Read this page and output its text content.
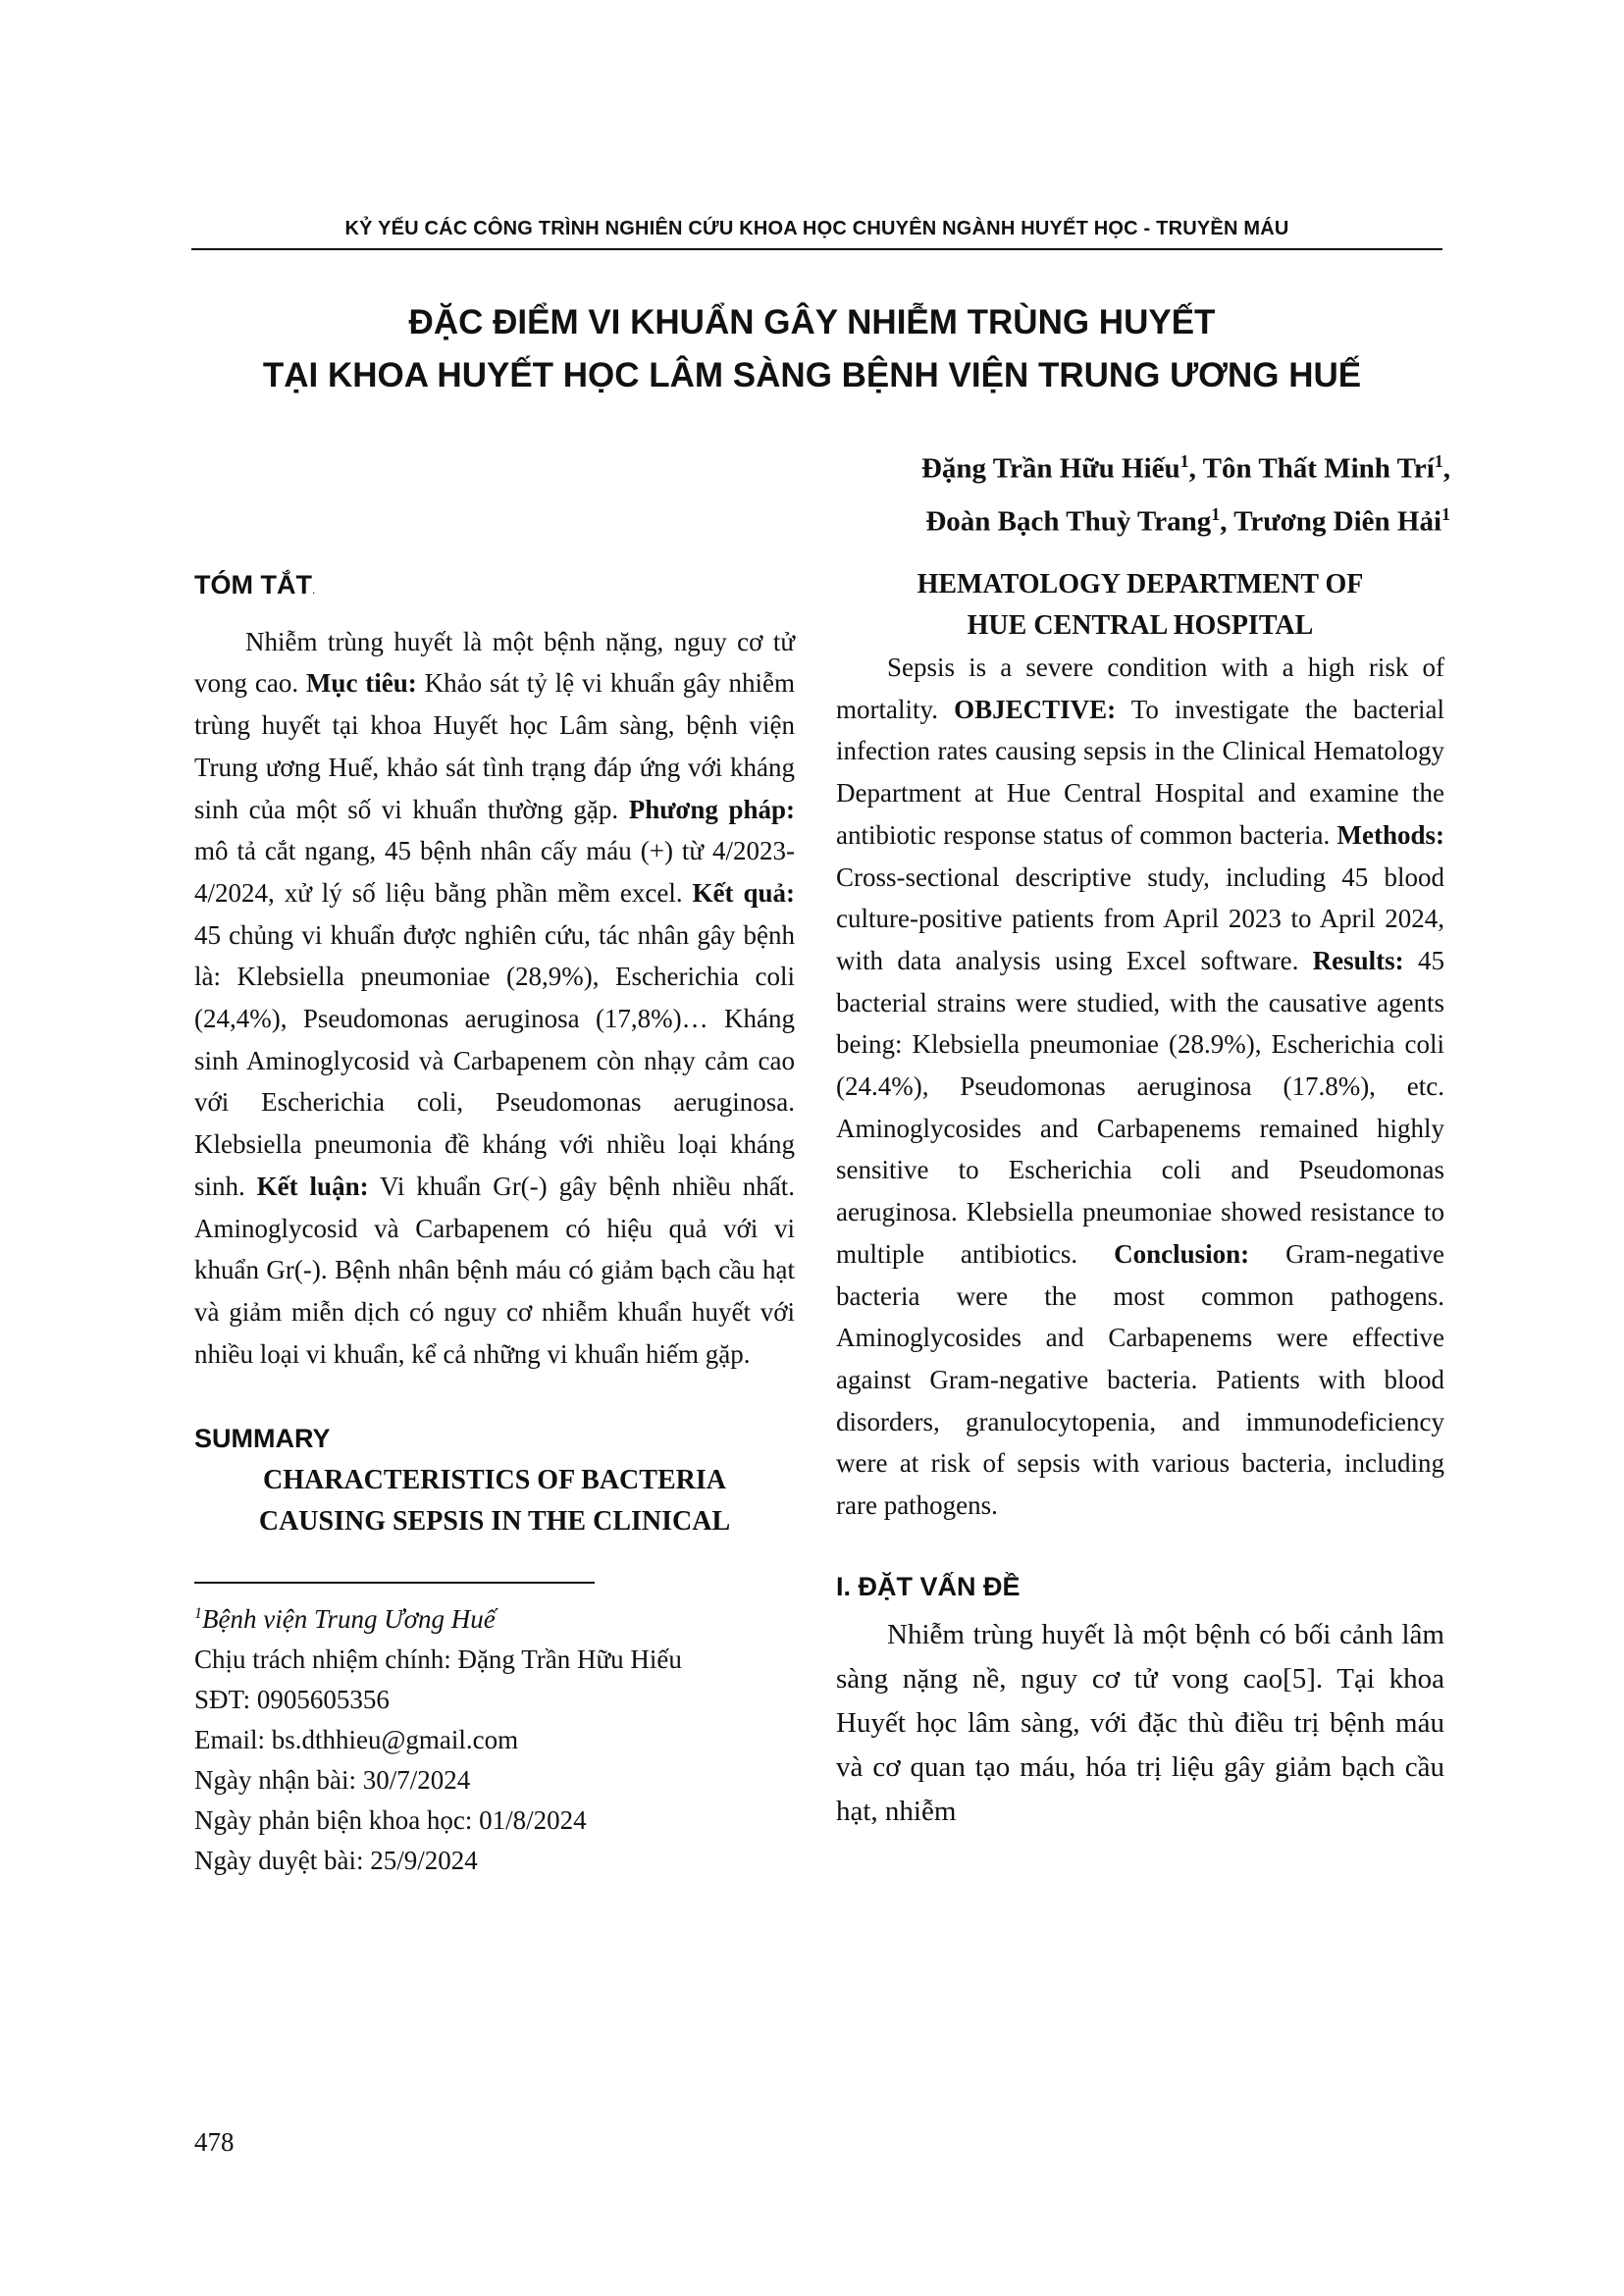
KỶ YẾU CÁC CÔNG TRÌNH NGHIÊN CỨU KHOA HỌC CHUYÊN NGÀNH HUYẾT HỌC - TRUYỀN MÁU
ĐẶC ĐIỂM VI KHUẨN GÂY NHIỄM TRÙNG HUYẾT
TẠI KHOA HUYẾT HỌC LÂM SÀNG BỆNH VIỆN TRUNG ƯƠNG HUẾ
Đặng Trần Hữu Hiếu$^1$, Tôn Thất Minh Trí$^1$,
Đoàn Bạch Thuỳ Trang$^1$, Trương Diên Hải$^1$
TÓM TẮT.

Nhiễm trùng huyết là một bệnh nặng, nguy cơ tử vong cao. Mục tiêu: Khảo sát tỷ lệ vi khuẩn gây nhiễm trùng huyết tại khoa Huyết học Lâm sàng, bệnh viện Trung ương Huế, khảo sát tình trạng đáp ứng với kháng sinh của một số vi khuẩn thường gặp. Phương pháp: mô tả cắt ngang, 45 bệnh nhân cấy máu (+) từ 4/2023-4/2024, xử lý số liệu bằng phần mềm excel. Kết quả: 45 chủng vi khuẩn được nghiên cứu, tác nhân gây bệnh là: Klebsiella pneumoniae (28,9%), Escherichia coli (24,4%), Pseudomonas aeruginosa (17,8%)… Kháng sinh Aminoglycosid và Carbapenem còn nhạy cảm cao với Escherichia coli, Pseudomonas aeruginosa. Klebsiella pneumonia đề kháng với nhiều loại kháng sinh. Kết luận: Vi khuẩn Gr(-) gây bệnh nhiều nhất. Aminoglycosid và Carbapenem có hiệu quả với vi khuẩn Gr(-). Bệnh nhân bệnh máu có giảm bạch cầu hạt và giảm miễn dịch có nguy cơ nhiễm khuẩn huyết với nhiều loại vi khuẩn, kể cả những vi khuẩn hiếm gặp.

SUMMARY

CHARACTERISTICS OF BACTERIA

CAUSING SEPSIS IN THE CLINICAL

$^1$Bệnh viện Trung Ương Huế

Chịu trách nhiệm chính: Đặng Trần Hữu Hiếu

SĐT: 0905605356

Email: bs.dthhieu@gmail.com

Ngày nhận bài: 30/7/2024

Ngày phản biện khoa học: 01/8/2024

Ngày duyệt bài: 25/9/2024

HEMATOLOGY DEPARTMENT OF

HUE CENTRAL HOSPITAL

Sepsis is a severe condition with a high risk of mortality. OBJECTIVE: To investigate the bacterial infection rates causing sepsis in the Clinical Hematology Department at Hue Central Hospital and examine the antibiotic response status of common bacteria. Methods: Cross-sectional descriptive study, including 45 blood culture-positive patients from April 2023 to April 2024, with data analysis using Excel software. Results: 45 bacterial strains were studied, with the causative agents being: Klebsiella pneumoniae (28.9%), Escherichia coli (24.4%), Pseudomonas aeruginosa (17.8%), etc. Aminoglycosides and Carbapenems remained highly sensitive to Escherichia coli and Pseudomonas aeruginosa. Klebsiella pneumoniae showed resistance to multiple antibiotics. Conclusion: Gram-negative bacteria were the most common pathogens. Aminoglycosides and Carbapenems were effective against Gram-negative bacteria. Patients with blood disorders, granulocytopenia, and immunodeficiency were at risk of sepsis with various bacteria, including rare pathogens.

I. ĐẶT VẤN ĐỀ

Nhiễm trùng huyết là một bệnh có bối cảnh lâm sàng nặng nề, nguy cơ tử vong cao[5]. Tại khoa Huyết học lâm sàng, với đặc thù điều trị bệnh máu và cơ quan tạo máu, hóa trị liệu gây giảm bạch cầu hạt, nhiễm

478
